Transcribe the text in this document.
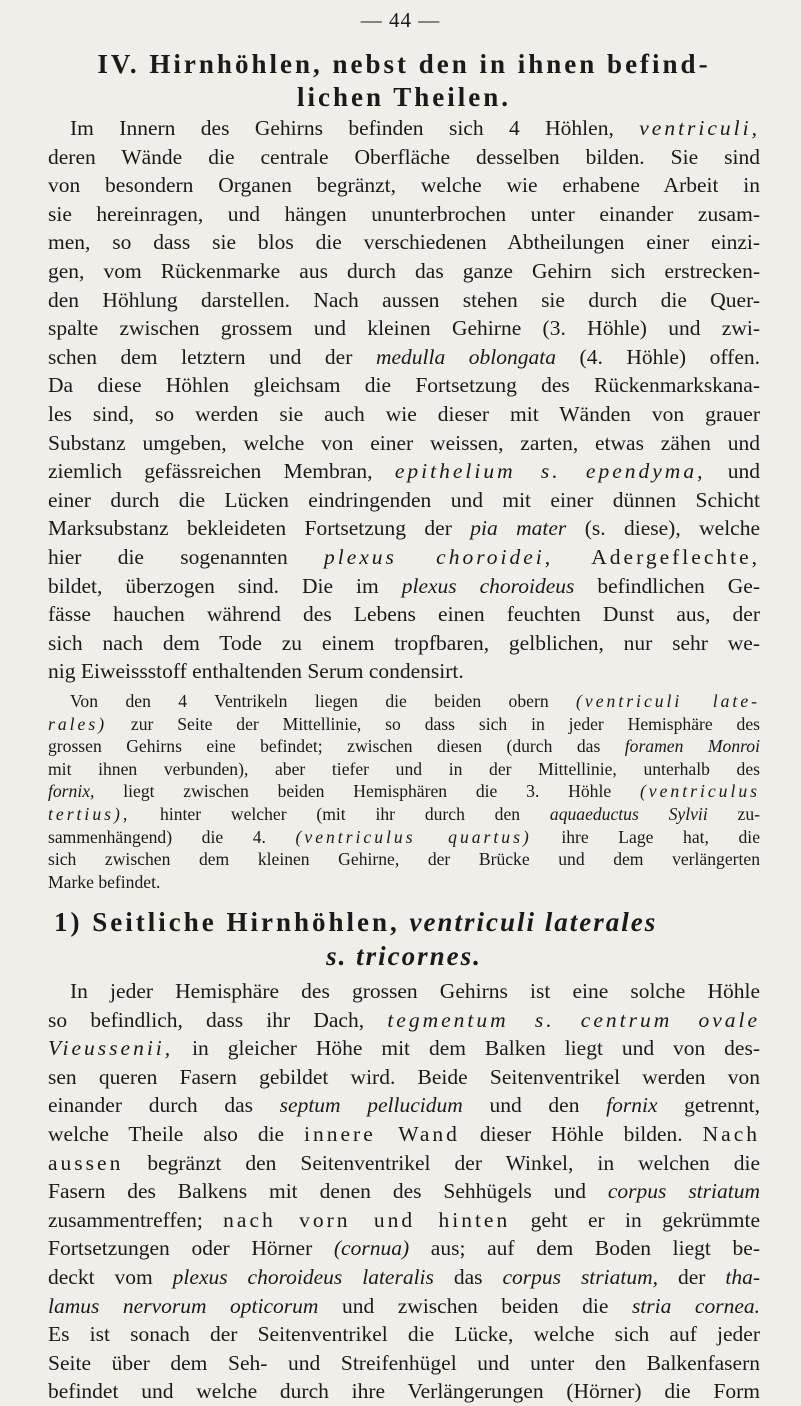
— 44 —
IV. Hirnhöhlen, nebst den in ihnen befind-
lichen Theilen.
Im Innern des Gehirns befinden sich 4 Höhlen, ventriculi,
deren Wände die centrale Oberfläche desselben bilden. Sie sind
von besondern Organen begränzt, welche wie erhabene Arbeit in
sie hereinragen, und hängen ununterbrochen unter einander zusam-
men, so dass sie blos die verschiedenen Abtheilungen einer einzi-
gen, vom Rückenmarke aus durch das ganze Gehirn sich erstrecken-
den Höhlung darstellen. Nach aussen stehen sie durch die Quer-
spalte zwischen grossem und kleinen Gehirne (3. Höhle) und zwi-
schen dem letztern und der medulla oblongata (4. Höhle) offen.
Da diese Höhlen gleichsam die Fortsetzung des Rückenmarkskana-
les sind, so werden sie auch wie dieser mit Wänden von grauer
Substanz umgeben, welche von einer weissen, zarten, etwas zähen und
ziemlich gefässreichen Membran, epithelium s. ependyma, und
einer durch die Lücken eindringenden und mit einer dünnen Schicht
Marksubstanz bekleideten Fortsetzung der pia mater (s. diese), welche
hier die sogenannten plexus choroidei, Adergeflechte,
bildet, überzogen sind. Die im plexus choroideus befindlichen Ge-
fässe hauchen während des Lebens einen feuchten Dunst aus, der
sich nach dem Tode zu einem tropfbaren, gelblichen, nur sehr we-
nig Eiweissstoff enthaltenden Serum condensirt.
Von den 4 Ventrikeln liegen die beiden obern (ventriculi late-
rales) zur Seite der Mittellinie, so dass sich in jeder Hemisphäre des
grossen Gehirns eine befindet; zwischen diesen (durch das foramen Monroi
mit ihnen verbunden), aber tiefer und in der Mittellinie, unterhalb des
fornix, liegt zwischen beiden Hemisphären die 3. Höhle (ventriculus
tertius), hinter welcher (mit ihr durch den aquaeductus Sylvii zu-
sammenhängend) die 4. (ventriculus quartus) ihre Lage hat, die
sich zwischen dem kleinen Gehirne, der Brücke und dem verlängerten
Marke befindet.
1) Seitliche Hirnhöhlen, ventriculi laterales
s. tricornes.
In jeder Hemisphäre des grossen Gehirns ist eine solche Höhle
so befindlich, dass ihr Dach, tegmentum s. centrum ovale
Vieussenii, in gleicher Höhe mit dem Balken liegt und von des-
sen queren Fasern gebildet wird. Beide Seitenventrikel werden von
einander durch das septum pellucidum und den fornix getrennt,
welche Theile also die innere Wand dieser Höhle bilden. Nach
aussen begränzt den Seitenventrikel der Winkel, in welchen die
Fasern des Balkens mit denen des Sehhügels und corpus striatum
zusammentreffen; nach vorn und hinten geht er in gekrümmte
Fortsetzungen oder Hörner (cornua) aus; auf dem Boden liegt be-
deckt vom plexus choroideus lateralis das corpus striatum, der tha-
lamus nervorum opticorum und zwischen beiden die stria cornea.
Es ist sonach der Seitenventrikel die Lücke, welche sich auf jeder
Seite über dem Seh- und Streifenhügel und unter den Balkenfasern
befindet und welche durch ihre Verlängerungen (Hörner) die Form
